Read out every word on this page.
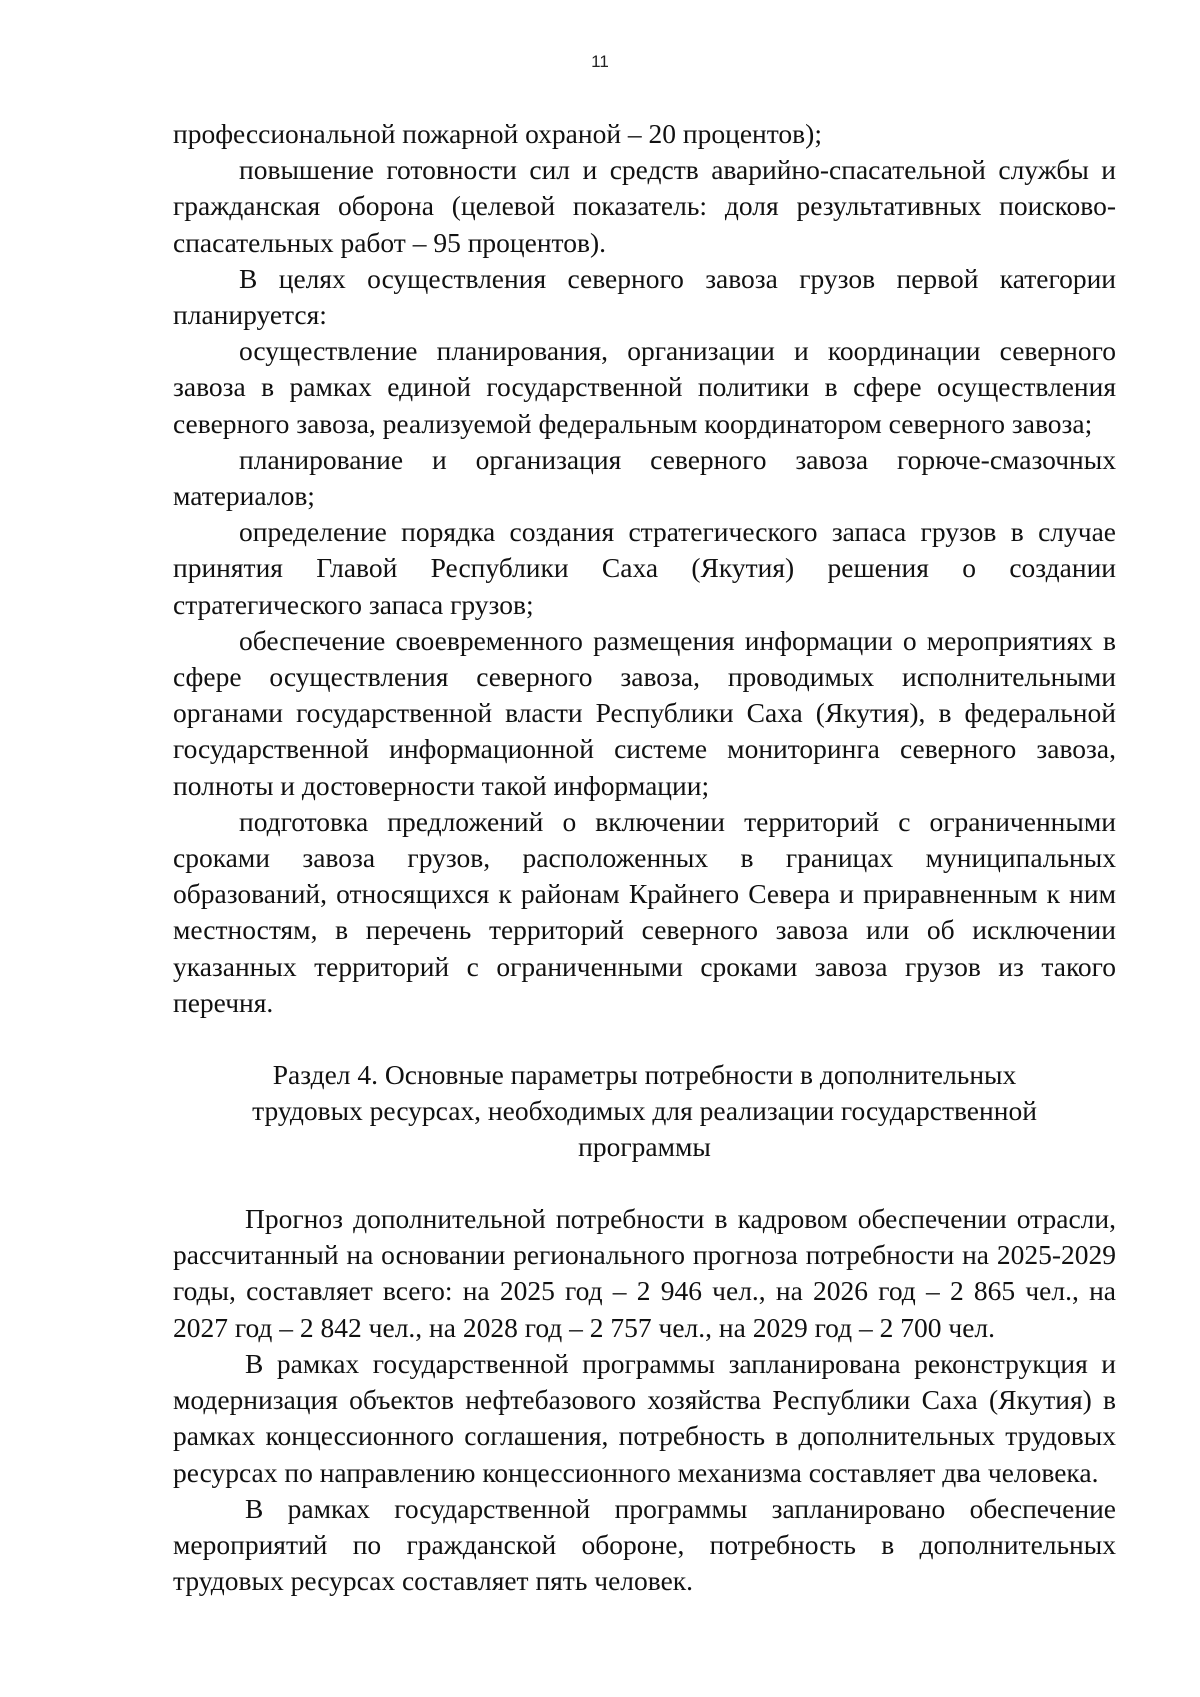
11

профессиональной пожарной охраной – 20 процентов);

повышение готовности сил и средств аварийно-спасательной службы и гражданская оборона (целевой показатель: доля результативных поисково-спасательных работ – 95 процентов).

В целях осуществления северного завоза грузов первой категории планируется:

осуществление планирования, организации и координации северного завоза в рамках единой государственной политики в сфере осуществления северного завоза, реализуемой федеральным координатором северного завоза;

планирование и организация северного завоза горюче-смазочных материалов;

определение порядка создания стратегического запаса грузов в случае принятия Главой Республики Саха (Якутия) решения о создании стратегического запаса грузов;

обеспечение своевременного размещения информации о мероприятиях в сфере осуществления северного завоза, проводимых исполнительными органами государственной власти Республики Саха (Якутия), в федеральной государственной информационной системе мониторинга северного завоза, полноты и достоверности такой информации;

подготовка предложений о включении территорий с ограниченными сроками завоза грузов, расположенных в границах муниципальных образований, относящихся к районам Крайнего Севера и приравненным к ним местностям, в перечень территорий северного завоза или об исключении указанных территорий с ограниченными сроками завоза грузов из такого перечня.

Раздел 4. Основные параметры потребности в дополнительных трудовых ресурсах, необходимых для реализации государственной программы

Прогноз дополнительной потребности в кадровом обеспечении отрасли, рассчитанный на основании регионального прогноза потребности на 2025-2029 годы, составляет всего: на 2025 год – 2 946 чел., на 2026 год – 2 865 чел., на 2027 год – 2 842 чел., на 2028 год – 2 757 чел., на 2029 год – 2 700 чел.

В рамках государственной программы запланирована реконструкция и модернизация объектов нефтебазового хозяйства Республики Саха (Якутия) в рамках концессионного соглашения, потребность в дополнительных трудовых ресурсах по направлению концессионного механизма составляет два человека.

В рамках государственной программы запланировано обеспечение мероприятий по гражданской обороне, потребность в дополнительных трудовых ресурсах составляет пять человек.
